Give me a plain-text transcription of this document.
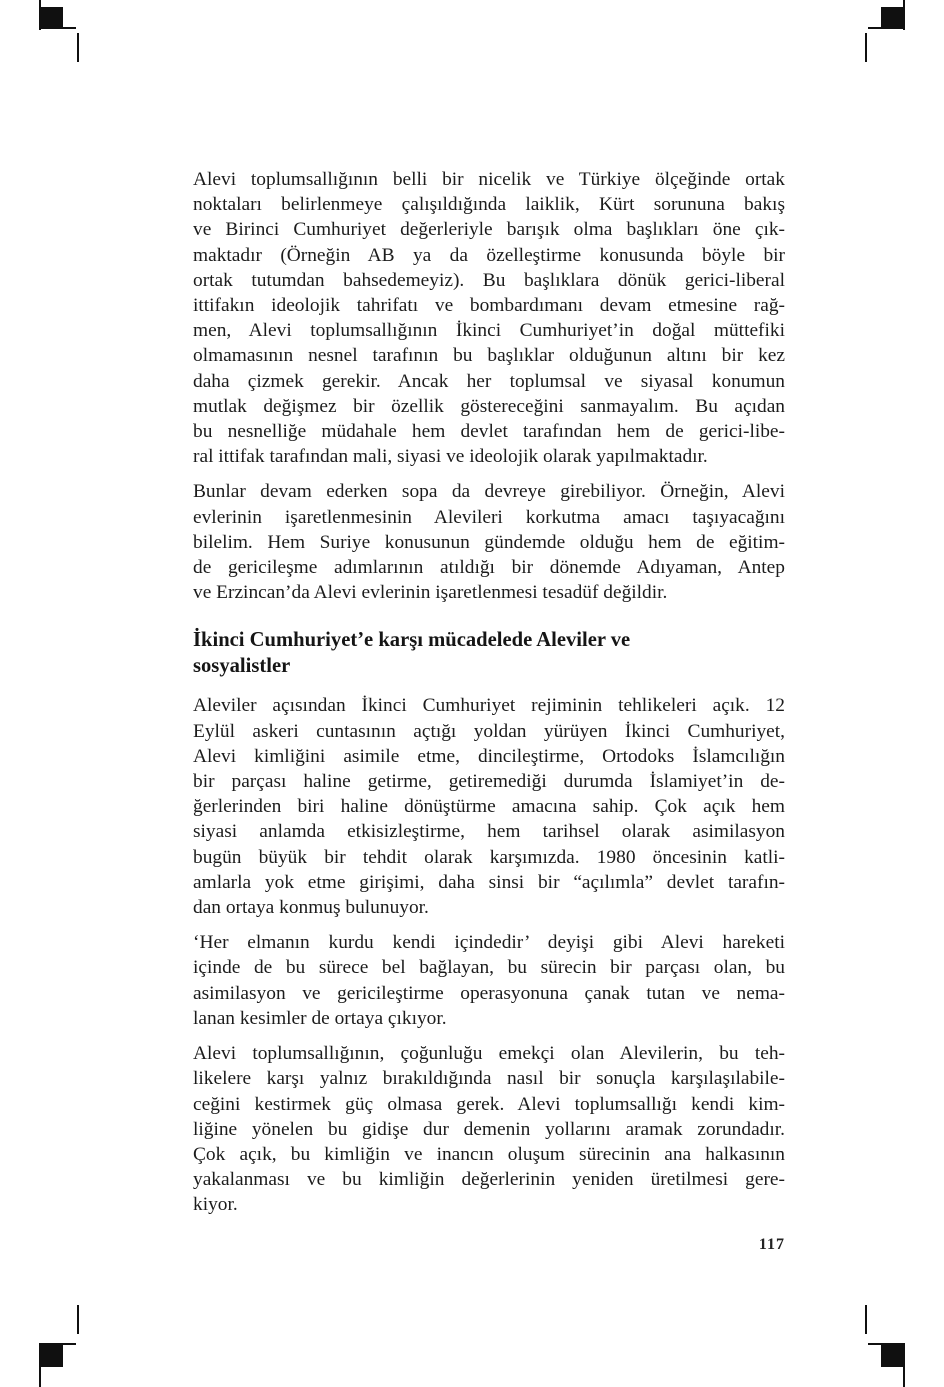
Alevi toplumsallığının belli bir nicelik ve Türkiye ölçeğinde ortak
noktaları belirlenmeye çalışıldığında laiklik, Kürt sorununa bakış
ve Birinci Cumhuriyet değerleriyle barışık olma başlıkları öne çık-
maktadır (Örneğin AB ya da özelleştirme konusunda böyle bir
ortak tutumdan bahsedemeyiz). Bu başlıklara dönük gerici-liberal
ittifakın ideolojik tahrifatı ve bombardımanı devam etmesine rağ-
men, Alevi toplumsallığının İkinci Cumhuriyet’in doğal müttefiki
olmamasının nesnel tarafının bu başlıklar olduğunun altını bir kez
daha çizmek gerekir. Ancak her toplumsal ve siyasal konumun
mutlak değişmez bir özellik göstereceğini sanmayalım. Bu açıdan
bu nesnelliğe müdahale hem devlet tarafından hem de gerici-libe-
ral ittifak tarafından mali, siyasi ve ideolojik olarak yapılmaktadır.

Bunlar devam ederken sopa da devreye girebiliyor. Örneğin, Alevi
evlerinin işaretlenmesinin Alevileri korkutma amacı taşıyacağını
bilelim. Hem Suriye konusunun gündemde olduğu hem de eğitim-
de gericileşme adımlarının atıldığı bir dönemde Adıyaman, Antep
ve Erzincan’da Alevi evlerinin işaretlenmesi tesadüf değildir.

İkinci Cumhuriyet’e karşı mücadelede Aleviler ve
sosyalistler

Aleviler açısından İkinci Cumhuriyet rejiminin tehlikeleri açık. 12
Eylül askeri cuntasının açtığı yoldan yürüyen İkinci Cumhuriyet,
Alevi kimliğini asimile etme, dincileştirme, Ortodoks İslamcılığın
bir parçası haline getirme, getiremediği durumda İslamiyet’in de-
ğerlerinden biri haline dönüştürme amacına sahip. Çok açık hem
siyasi anlamda etkisizleştirme, hem tarihsel olarak asimilasyon
bugün büyük bir tehdit olarak karşımızda. 1980 öncesinin katli-
amlarla yok etme girişimi, daha sinsi bir “açılımla” devlet tarafın-
dan ortaya konmuş bulunuyor.

‘Her elmanın kurdu kendi içindedir’ deyişi gibi Alevi hareketi
içinde de bu sürece bel bağlayan, bu sürecin bir parçası olan, bu
asimilasyon ve gericileştirme operasyonuna çanak tutan ve nema-
lanan kesimler de ortaya çıkıyor.

Alevi toplumsallığının, çoğunluğu emekçi olan Alevilerin, bu teh-
likelere karşı yalnız bırakıldığında nasıl bir sonuçla karşılaşılabile-
ceğini kestirmek güç olmasa gerek. Alevi toplumsallığı kendi kim-
liğine yönelen bu gidişe dur demenin yollarını aramak zorundadır.
Çok açık, bu kimliğin ve inancın oluşum sürecinin ana halkasının
yakalanması ve bu kimliğin değerlerinin yeniden üretilmesi gere-
kiyor.

117
